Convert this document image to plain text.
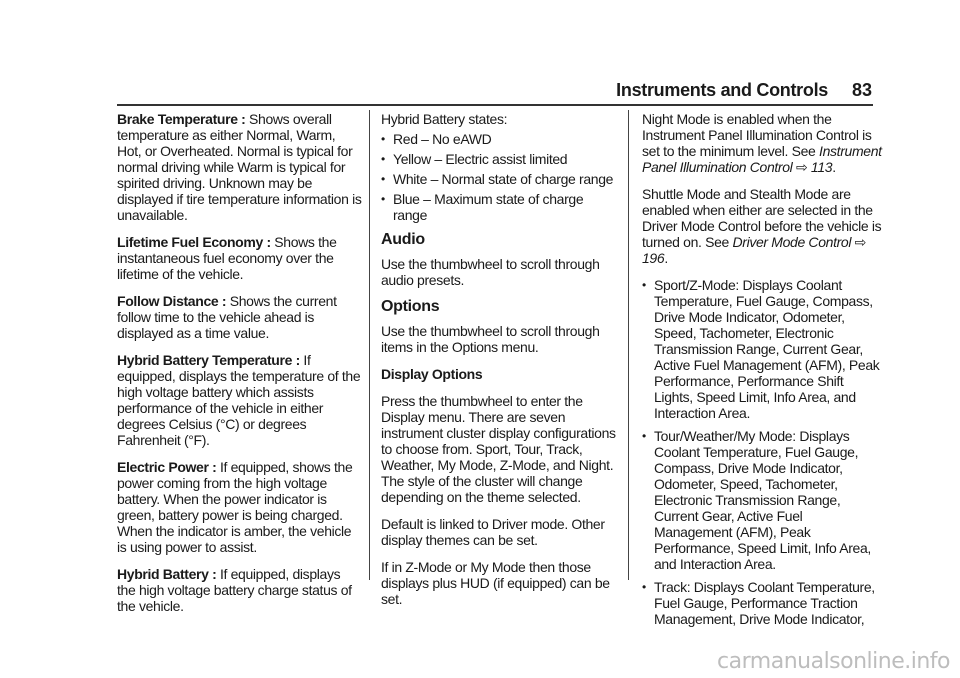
Instruments and Controls 83

Brake Temperature : Shows overall temperature as either Normal, Warm, Hot, or Overheated. Normal is typical for normal driving while Warm is typical for spirited driving. Unknown may be displayed if tire temperature information is unavailable.

Lifetime Fuel Economy : Shows the instantaneous fuel economy over the lifetime of the vehicle.

Follow Distance : Shows the current follow time to the vehicle ahead is displayed as a time value.

Hybrid Battery Temperature : If equipped, displays the temperature of the high voltage battery which assists performance of the vehicle in either degrees Celsius (°C) or degrees Fahrenheit (°F).

Electric Power : If equipped, shows the power coming from the high voltage battery. When the power indicator is green, battery power is being charged. When the indicator is amber, the vehicle is using power to assist.

Hybrid Battery : If equipped, displays the high voltage battery charge status of the vehicle.

Hybrid Battery states:

• Red – No eAWD
• Yellow – Electric assist limited
• White – Normal state of charge range
• Blue – Maximum state of charge range
Audio

Use the thumbwheel to scroll through audio presets.

Options

Use the thumbwheel to scroll through items in the Options menu.

Display Options

Press the thumbwheel to enter the Display menu. There are seven instrument cluster display configurations to choose from. Sport, Tour, Track, Weather, My Mode, Z-Mode, and Night. The style of the cluster will change depending on the theme selected.

Default is linked to Driver mode. Other display themes can be set.

If in Z-Mode or My Mode then those displays plus HUD (if equipped) can be set.

Night Mode is enabled when the Instrument Panel Illumination Control is set to the minimum level. See Instrument Panel Illumination Control ⇨ 113.

Shuttle Mode and Stealth Mode are enabled when either are selected in the Driver Mode Control before the vehicle is turned on. See Driver Mode Control ⇨ 196.

• Sport/Z-Mode: Displays Coolant Temperature, Fuel Gauge, Compass, Drive Mode Indicator, Odometer, Speed, Tachometer, Electronic Transmission Range, Current Gear, Active Fuel Management (AFM), Peak Performance, Performance Shift Lights, Speed Limit, Info Area, and Interaction Area.
• Tour/Weather/My Mode: Displays Coolant Temperature, Fuel Gauge, Compass, Drive Mode Indicator, Odometer, Speed, Tachometer, Electronic Transmission Range, Current Gear, Active Fuel Management (AFM), Peak Performance, Speed Limit, Info Area, and Interaction Area.
• Track: Displays Coolant Temperature, Fuel Gauge, Performance Traction Management, Drive Mode Indicator,
carmanualsonline.info
